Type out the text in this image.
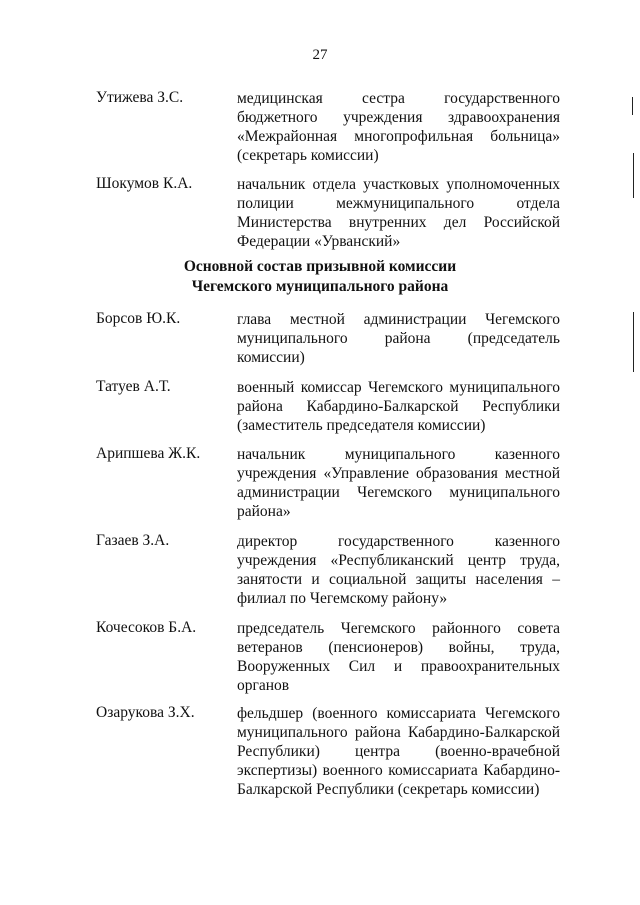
27
Утижева З.С.	медицинская сестра государственного бюджетного учреждения здравоохранения «Межрайонная многопрофильная больница» (секретарь комиссии)
Шокумов К.А.	начальник отдела участковых уполномоченных полиции межмуниципального отдела Министерства внутренних дел Российской Федерации «Урванский»
Основной состав призывной комиссии
Чегемского муниципального района
Борсов Ю.К.	глава местной администрации Чегемского муниципального района (председатель комиссии)
Татуев А.Т.	военный комиссар Чегемского муниципального района Кабардино-Балкарской Республики (заместитель председателя комиссии)
Арипшева Ж.К. начальник муниципального казенного учреждения «Управление образования местной администрации Чегемского муниципального района»
Газаев З.А.	директор государственного казенного учреждения «Республиканский центр труда, занятости и социальной защиты населения – филиал по Чегемскому району»
Кочесоков Б.А.	председатель Чегемского районного совета ветеранов (пенсионеров) войны, труда, Вооруженных Сил и правоохранительных органов
Озарукова З.Х.	фельдшер (военного комиссариата Чегемского муниципального района Кабардино-Балкарской Республики) центра (военно-врачебной экспертизы) военного комиссариата Кабардино-Балкарской Республики (секретарь комиссии)
